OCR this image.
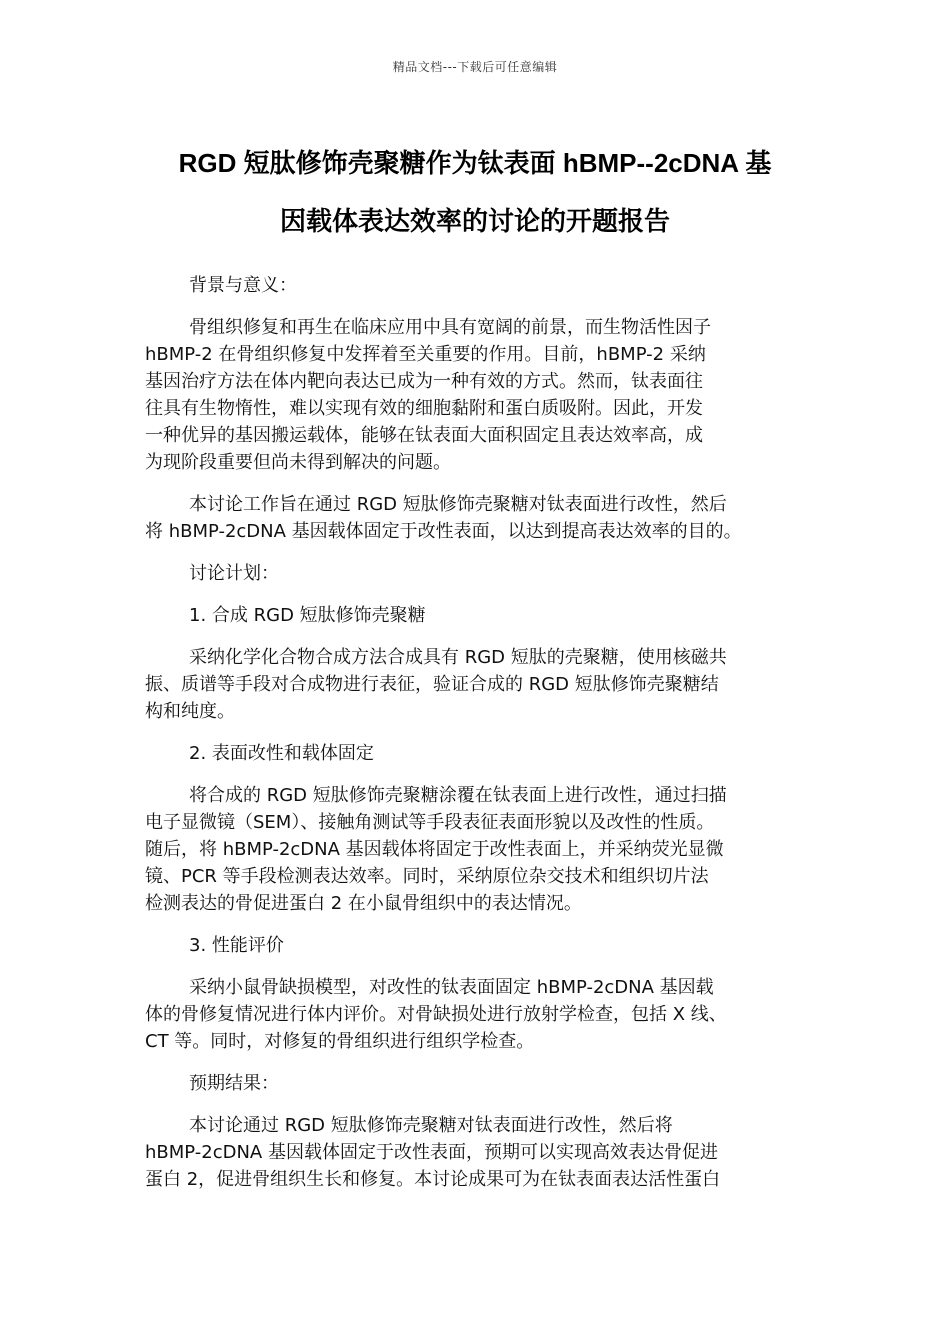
精品文档---下载后可任意编辑
RGD 短肽修饰壳聚糖作为钛表面 hBMP--2cDNA 基
因载体表达效率的讨论的开题报告
背景与意义：
骨组织修复和再生在临床应用中具有宽阔的前景，而生物活性因子
hBMP-2 在骨组织修复中发挥着至关重要的作用。目前，hBMP-2 采纳
基因治疗方法在体内靶向表达已成为一种有效的方式。然而，钛表面往
往具有生物惰性，难以实现有效的细胞黏附和蛋白质吸附。因此，开发
一种优异的基因搬运载体，能够在钛表面大面积固定且表达效率高，成
为现阶段重要但尚未得到解决的问题。
本讨论工作旨在通过 RGD 短肽修饰壳聚糖对钛表面进行改性，然后
将 hBMP-2cDNA 基因载体固定于改性表面，以达到提高表达效率的目的。
讨论计划：
1. 合成 RGD 短肽修饰壳聚糖
采纳化学化合物合成方法合成具有 RGD 短肽的壳聚糖，使用核磁共
振、质谱等手段对合成物进行表征，验证合成的 RGD 短肽修饰壳聚糖结
构和纯度。
2. 表面改性和载体固定
将合成的 RGD 短肽修饰壳聚糖涂覆在钛表面上进行改性，通过扫描
电子显微镜（SEM）、接触角测试等手段表征表面形貌以及改性的性质。
随后，将 hBMP-2cDNA 基因载体将固定于改性表面上，并采纳荧光显微
镜、PCR 等手段检测表达效率。同时，采纳原位杂交技术和组织切片法
检测表达的骨促进蛋白 2 在小鼠骨组织中的表达情况。
3. 性能评价
采纳小鼠骨缺损模型，对改性的钛表面固定 hBMP-2cDNA 基因载
体的骨修复情况进行体内评价。对骨缺损处进行放射学检查，包括 X 线、
CT 等。同时，对修复的骨组织进行组织学检查。
预期结果：
本讨论通过 RGD 短肽修饰壳聚糖对钛表面进行改性，然后将
hBMP-2cDNA 基因载体固定于改性表面，预期可以实现高效表达骨促进
蛋白 2，促进骨组织生长和修复。本讨论成果可为在钛表面表达活性蛋白
